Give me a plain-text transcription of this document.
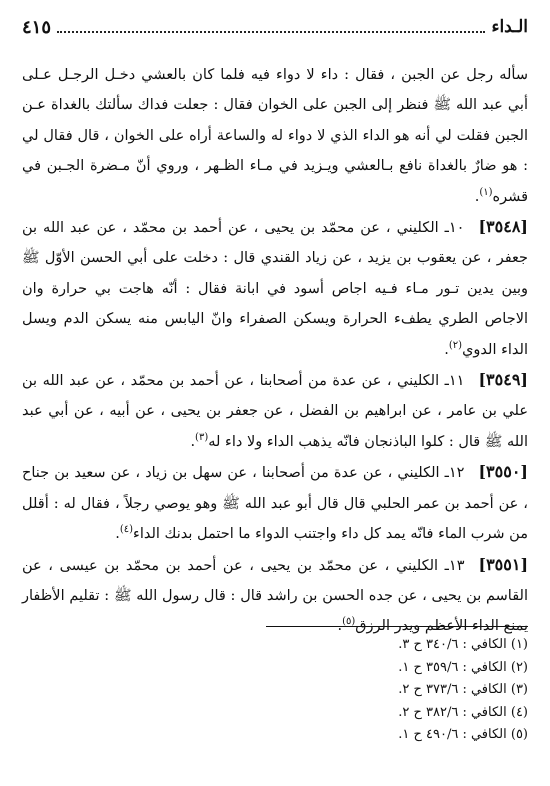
الـداء
٤١٥

سأله رجل عن الجبن ، فقال : داء لا دواء فيه فلما كان بالعشي دخـل الرجـل عـلى أبي عبد الله ﷺ فنظر إلى الجبن على الخوان فقال : جعلت فداك سألتك بالغداة عـن الجبن فقلت لي أنه هو الداء الذي لا دواء له والساعة أراه على الخوان ، قال فقال لي : هو ضارٌ بالغداة نافع بـالعشي ويـزيد في مـاء الظـهر ، وروي أنّ مـضرة الجـبن في قشره$^{(١)}$.

[٣٥٤٨]١٠ـ الكليني ، عن محمّد بن يحيى ، عن أحمد بن محمّد ، عن عبد الله بن جعفر ، عن يعقوب بن يزيد ، عن زياد القندي قال : دخلت على أبي الحسن الأوّل ﷺ وبين يدين تـور مـاء فـيه اجاص أسود في ابانة فقال : أنّه هاجت بي حرارة وان الاجاص الطري يطفء الحرارة ويسكن الصفراء وانّ اليابس منه يسكن الدم ويسل الداء الدوي$^{(٢)}$.

[٣٥٤٩]١١ـ الكليني ، عن عدة من أصحابنا ، عن أحمد بن محمّد ، عن عبد الله بن علي بن عامر ، عن ابراهيم بن الفضل ، عن جعفر بن يحيى ، عن أبيه ، عن أبي عبد الله ﷺ قال : كلوا الباذنجان فانّه يذهب الداء ولا داء له$^{(٣)}$.

[٣٥٥٠]١٢ـ الكليني ، عن عدة من أصحابنا ، عن سهل بن زياد ، عن سعيد بن جناح ، عن أحمد بن عمر الحلبي قال قال أبو عبد الله ﷺ وهو يوصي رجلاً ، فقال له : أقلل من شرب الماء فانّه يمد كل داء واجتنب الدواء ما احتمل بدنك الداء$^{(٤)}$.

[٣٥٥١]١٣ـ الكليني ، عن محمّد بن يحيى ، عن أحمد بن محمّد بن عيسى ، عن القاسم بن يحيى ، عن جده الحسن بن راشد قال : قال رسول الله ﷺ : تقليم الأظفار يمنع الداء الأعظم ويدر الرزق$^{(٥)}$.

(١) الكافي : ٣٤٠/٦ ح ٣.
(٢) الكافي : ٣٥٩/٦ ح ١.
(٣) الكافي : ٣٧٣/٦ ح ٢.
(٤) الكافي : ٣٨٢/٦ ح ٢.
(٥) الكافي : ٤٩٠/٦ ح ١.
